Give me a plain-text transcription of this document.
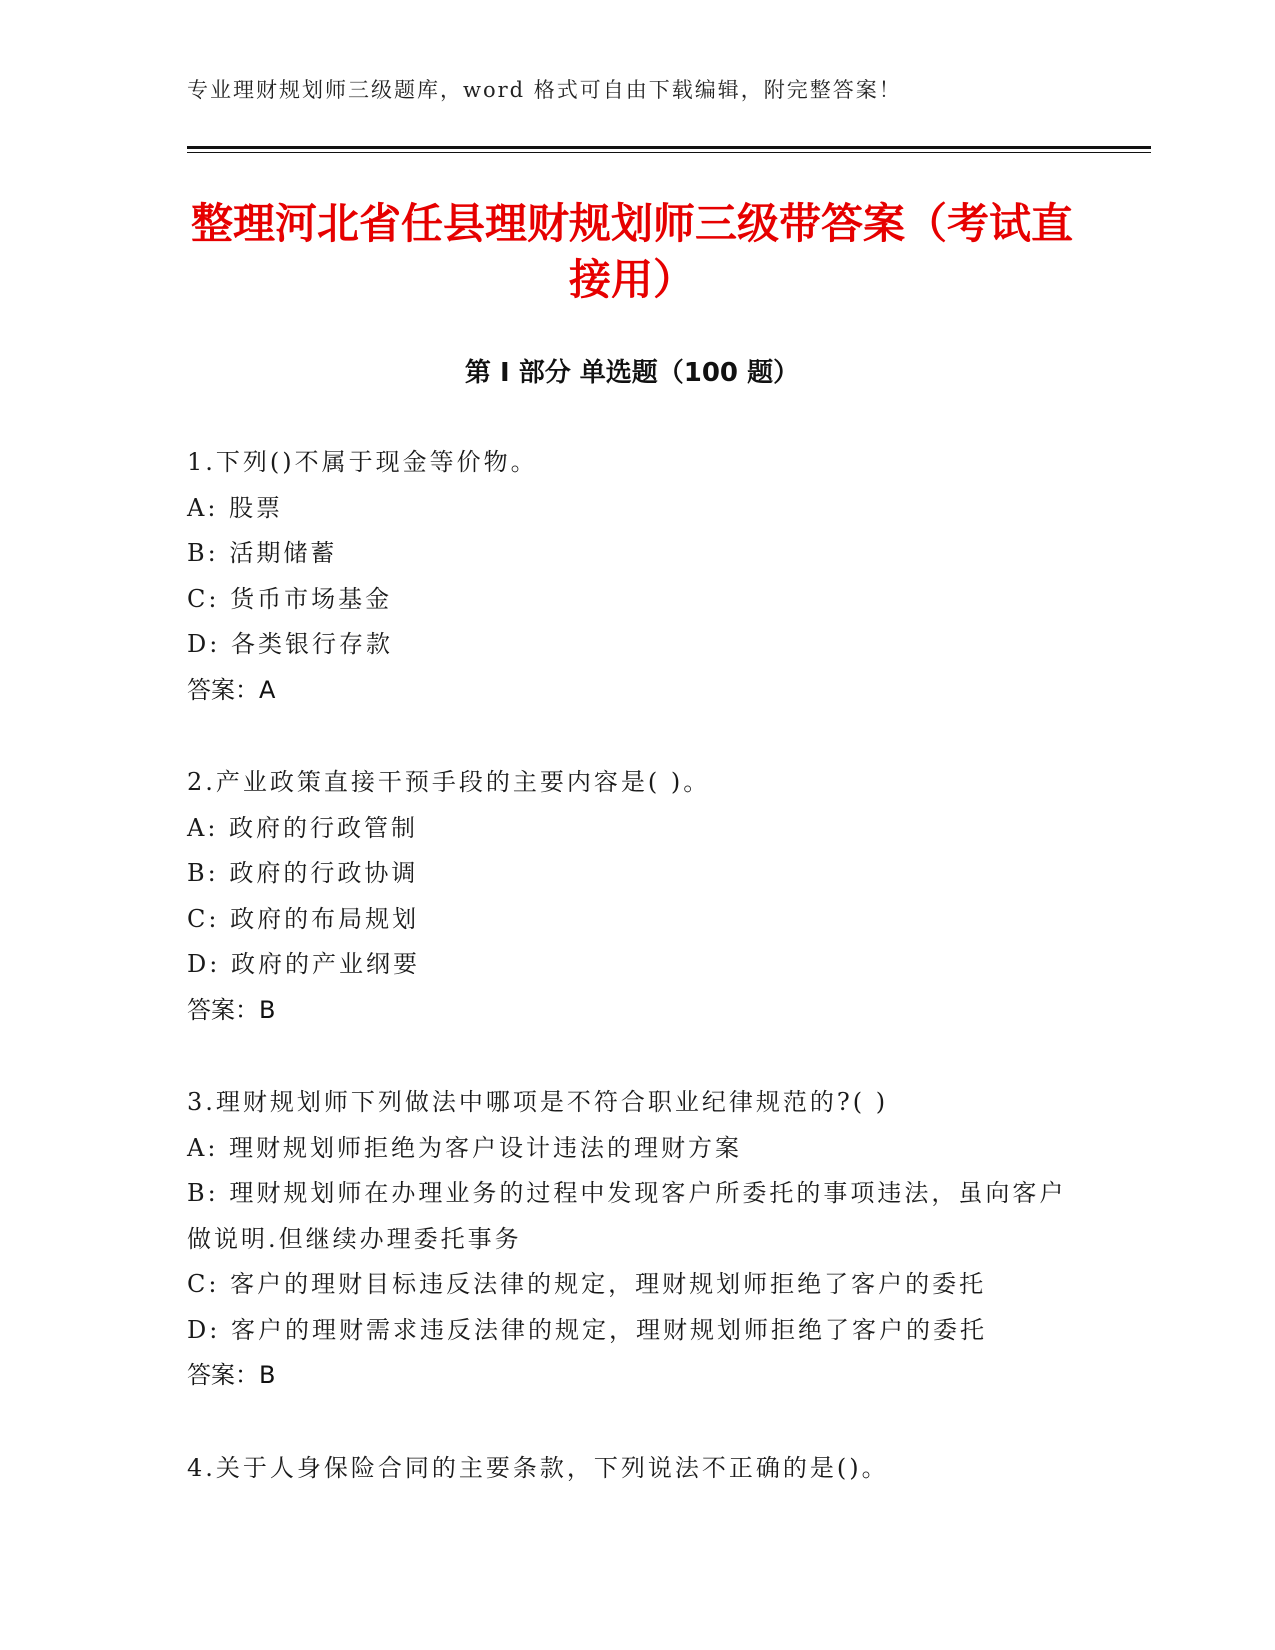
专业理财规划师三级题库，word 格式可自由下载编辑，附完整答案！
整理河北省任县理财规划师三级带答案（考试直接用）
第 I 部分 单选题（100 题）
1.下列()不属于现金等价物。
A: 股票
B: 活期储蓄
C: 货币市场基金
D: 各类银行存款
答案：A
2.产业政策直接干预手段的主要内容是( )。
A: 政府的行政管制
B: 政府的行政协调
C: 政府的布局规划
D: 政府的产业纲要
答案：B
3.理财规划师下列做法中哪项是不符合职业纪律规范的?( )
A: 理财规划师拒绝为客户设计违法的理财方案
B: 理财规划师在办理业务的过程中发现客户所委托的事项违法，虽向客户做说明.但继续办理委托事务
C: 客户的理财目标违反法律的规定，理财规划师拒绝了客户的委托
D: 客户的理财需求违反法律的规定，理财规划师拒绝了客户的委托
答案：B
4.关于人身保险合同的主要条款，下列说法不正确的是()。
